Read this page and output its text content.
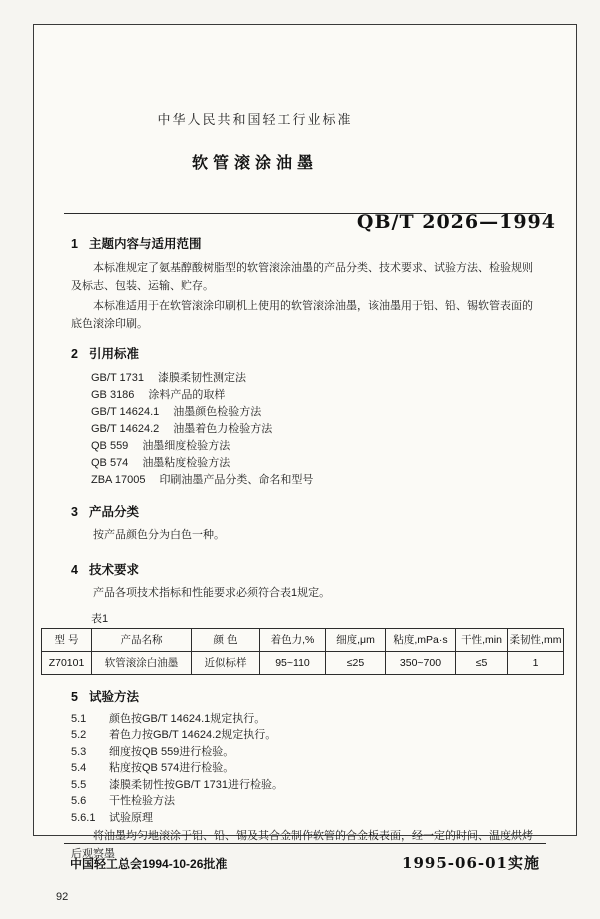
中华人民共和国轻工行业标准
QB/T 2026—1994
软管滚涂油墨
1 主题内容与适用范围

本标准规定了氨基醇酸树脂型的软管滚涂油墨的产品分类、技术要求、试验方法、检验规则及标志、包装、运输、贮存。

本标准适用于在软管滚涂印刷机上使用的软管滚涂油墨，该油墨用于铝、铅、锡软管表面的底色滚涂印刷。

2 引用标准
GB/T 1731 漆膜柔韧性测定法
GB 3186 涂料产品的取样
GB/T 14624.1 油墨颜色检验方法
GB/T 14624.2 油墨着色力检验方法
QB 559 油墨细度检验方法
QB 574 油墨粘度检验方法
ZBA 17005 印刷油墨产品分类、命名和型号
3 产品分类

按产品颜色分为白色一种。

4 技术要求

产品各项技术指标和性能要求必须符合表1规定。

表1
型 号	产品名称	颜 色	着色力,%	细度,μm	粘度,mPa·s	干性,min	柔韧性,mm
Z70101	软管滚涂白油墨	近似标样	95~110	≤25	350~700	≤5	1
5 试验方法
5.1 颜色按GB/T 14624.1规定执行。
5.2 着色力按GB/T 14624.2规定执行。
5.3 细度按QB 559进行检验。
5.4 粘度按QB 574进行检验。
5.5 漆膜柔韧性按GB/T 1731进行检验。
5.6 干性检验方法
5.6.1 试验原理

将油墨均匀地滚涂于铝、铅、锡及其合金制作软管的合金板表面，经一定的时间、温度烘烤后观察墨

中国轻工总会1994-10-26批准	1995-06-01实施
92
